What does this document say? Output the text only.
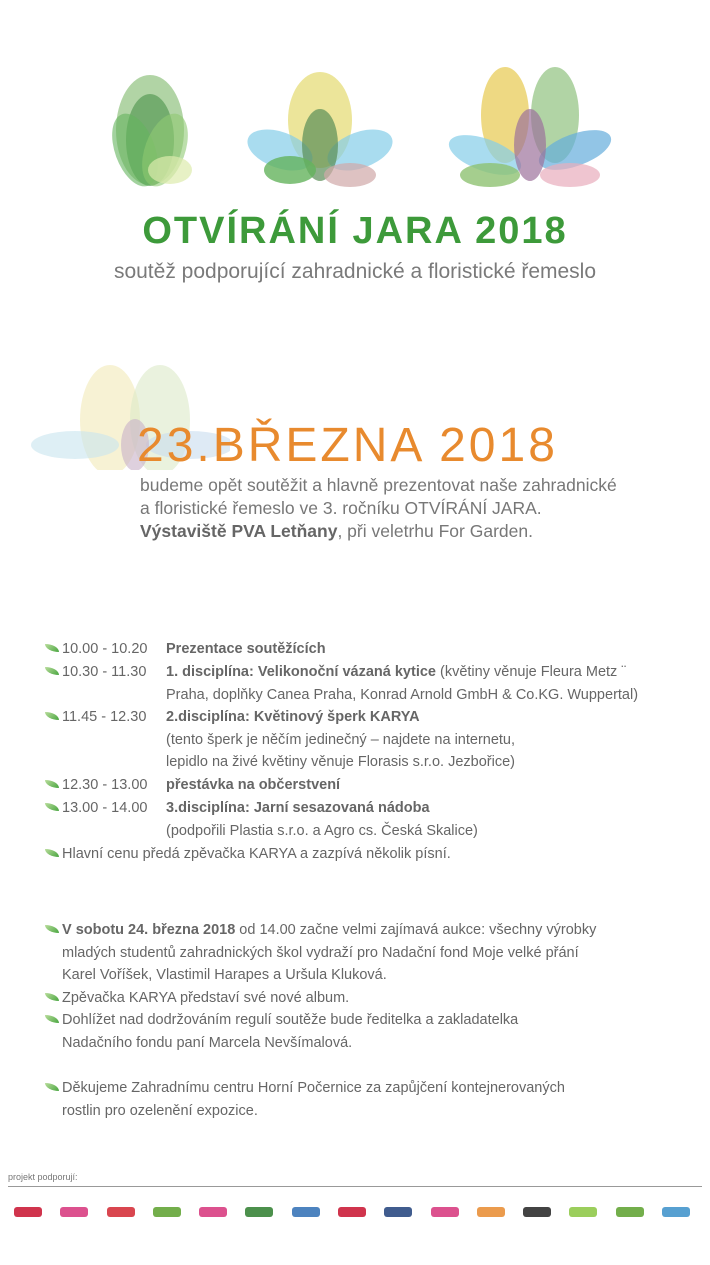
OTVÍRÁNÍ JARA 2018

soutěž podporující zahradnické a floristické řemeslo

23.BŘEZNA 2018

budeme opět soutěžit a hlavně prezentovat naše zahradnické
a floristické řemeslo ve 3. ročníku OTVÍRÁNÍ JARA.
Výstaviště PVA Letňany, při veletrhu For Garden.

10.00 - 10.20 Prezentace soutěžících
10.30 - 11.30 1. disciplína: Velikonoční vázaná kytice (květiny věnuje Fleura Metz ¨
Praha, doplňky Canea Praha, Konrad Arnold GmbH & Co.KG. Wuppertal)
11.45 - 12.30 2.disciplína: Květinový šperk KARYA
(tento šperk je něčím jedinečný – najdete na internetu,
lepidlo na živé květiny věnuje Florasis s.r.o. Jezbořice)
12.30 - 13.00 přestávka na občerstvení
13.00 - 14.00 3.disciplína: Jarní sesazovaná nádoba
(podpořili Plastia s.r.o. a Agro cs. Česká Skalice)
Hlavní cenu předá zpěvačka KARYA a zazpívá několik písní.
V sobotu 24. března 2018 od 14.00 začne velmi zajímavá aukce: všechny výrobky
mladých studentů zahradnických škol vydraží pro Nadační fond Moje velké přání
Karel Voříšek, Vlastimil Harapes a Uršula Kluková.
Zpěvačka KARYA představí své nové album.
Dohlížet nad dodržováním regulí soutěže bude ředitelka a zakladatelka
Nadačního fondu paní Marcela Nevšímalová.
Děkujeme Zahradnímu centru Horní Počernice za zapůjčení kontejnerovaných
rostlin pro ozelenění expozice.

projekt podporují:
